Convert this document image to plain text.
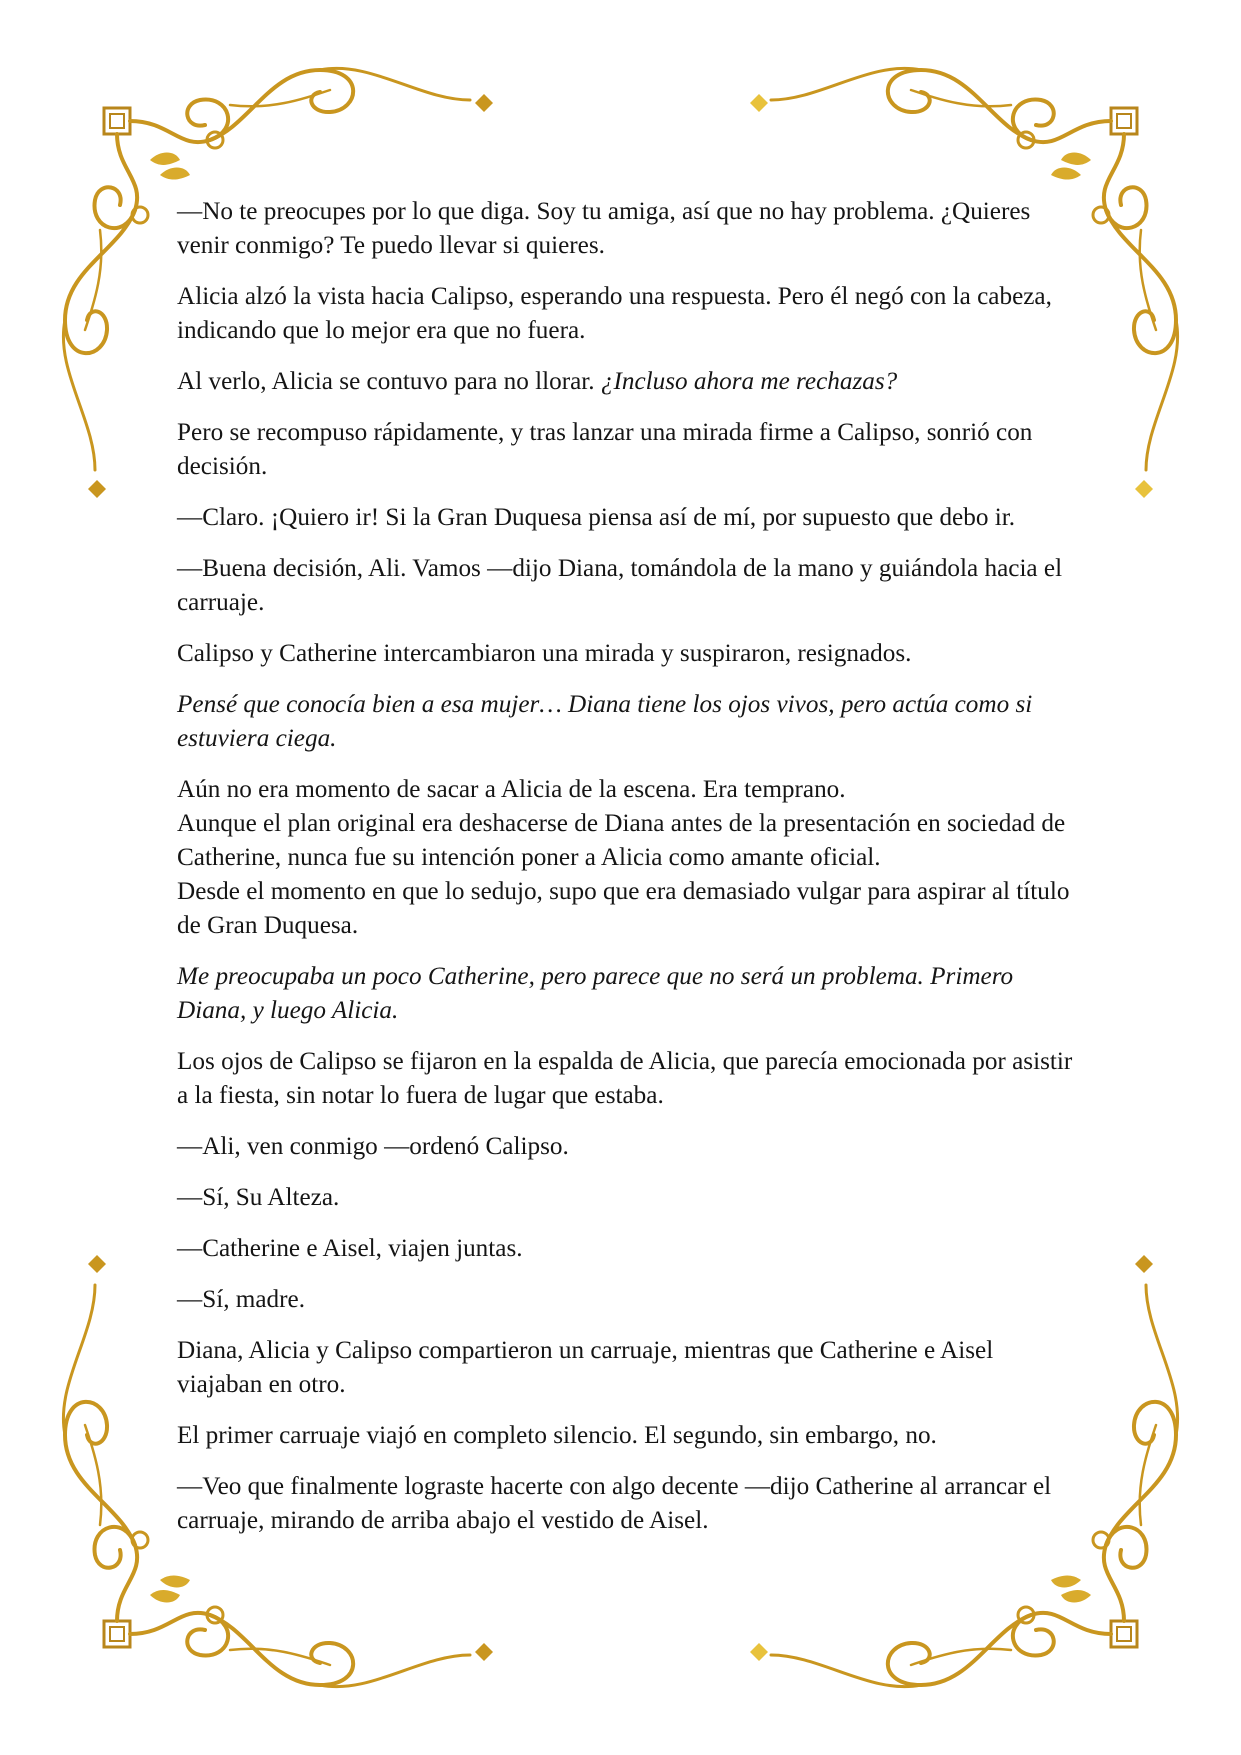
—No te preocupes por lo que diga. Soy tu amiga, así que no hay problema. ¿Quieres venir conmigo? Te puedo llevar si quieres.

Alicia alzó la vista hacia Calipso, esperando una respuesta. Pero él negó con la cabeza, indicando que lo mejor era que no fuera.

Al verlo, Alicia se contuvo para no llorar. ¿Incluso ahora me rechazas?

Pero se recompuso rápidamente, y tras lanzar una mirada firme a Calipso, sonrió con decisión.

—Claro. ¡Quiero ir! Si la Gran Duquesa piensa así de mí, por supuesto que debo ir.

—Buena decisión, Ali. Vamos —dijo Diana, tomándola de la mano y guiándola hacia el carruaje.

Calipso y Catherine intercambiaron una mirada y suspiraron, resignados.

Pensé que conocía bien a esa mujer… Diana tiene los ojos vivos, pero actúa como si estuviera ciega.

Aún no era momento de sacar a Alicia de la escena. Era temprano.

Aunque el plan original era deshacerse de Diana antes de la presentación en sociedad de Catherine, nunca fue su intención poner a Alicia como amante oficial.

Desde el momento en que lo sedujo, supo que era demasiado vulgar para aspirar al título de Gran Duquesa.

Me preocupaba un poco Catherine, pero parece que no será un problema. Primero Diana, y luego Alicia.

Los ojos de Calipso se fijaron en la espalda de Alicia, que parecía emocionada por asistir a la fiesta, sin notar lo fuera de lugar que estaba.

—Ali, ven conmigo —ordenó Calipso.

—Sí, Su Alteza.

—Catherine e Aisel, viajen juntas.

—Sí, madre.

Diana, Alicia y Calipso compartieron un carruaje, mientras que Catherine e Aisel viajaban en otro.

El primer carruaje viajó en completo silencio. El segundo, sin embargo, no.

—Veo que finalmente lograste hacerte con algo decente —dijo Catherine al arrancar el carruaje, mirando de arriba abajo el vestido de Aisel.
